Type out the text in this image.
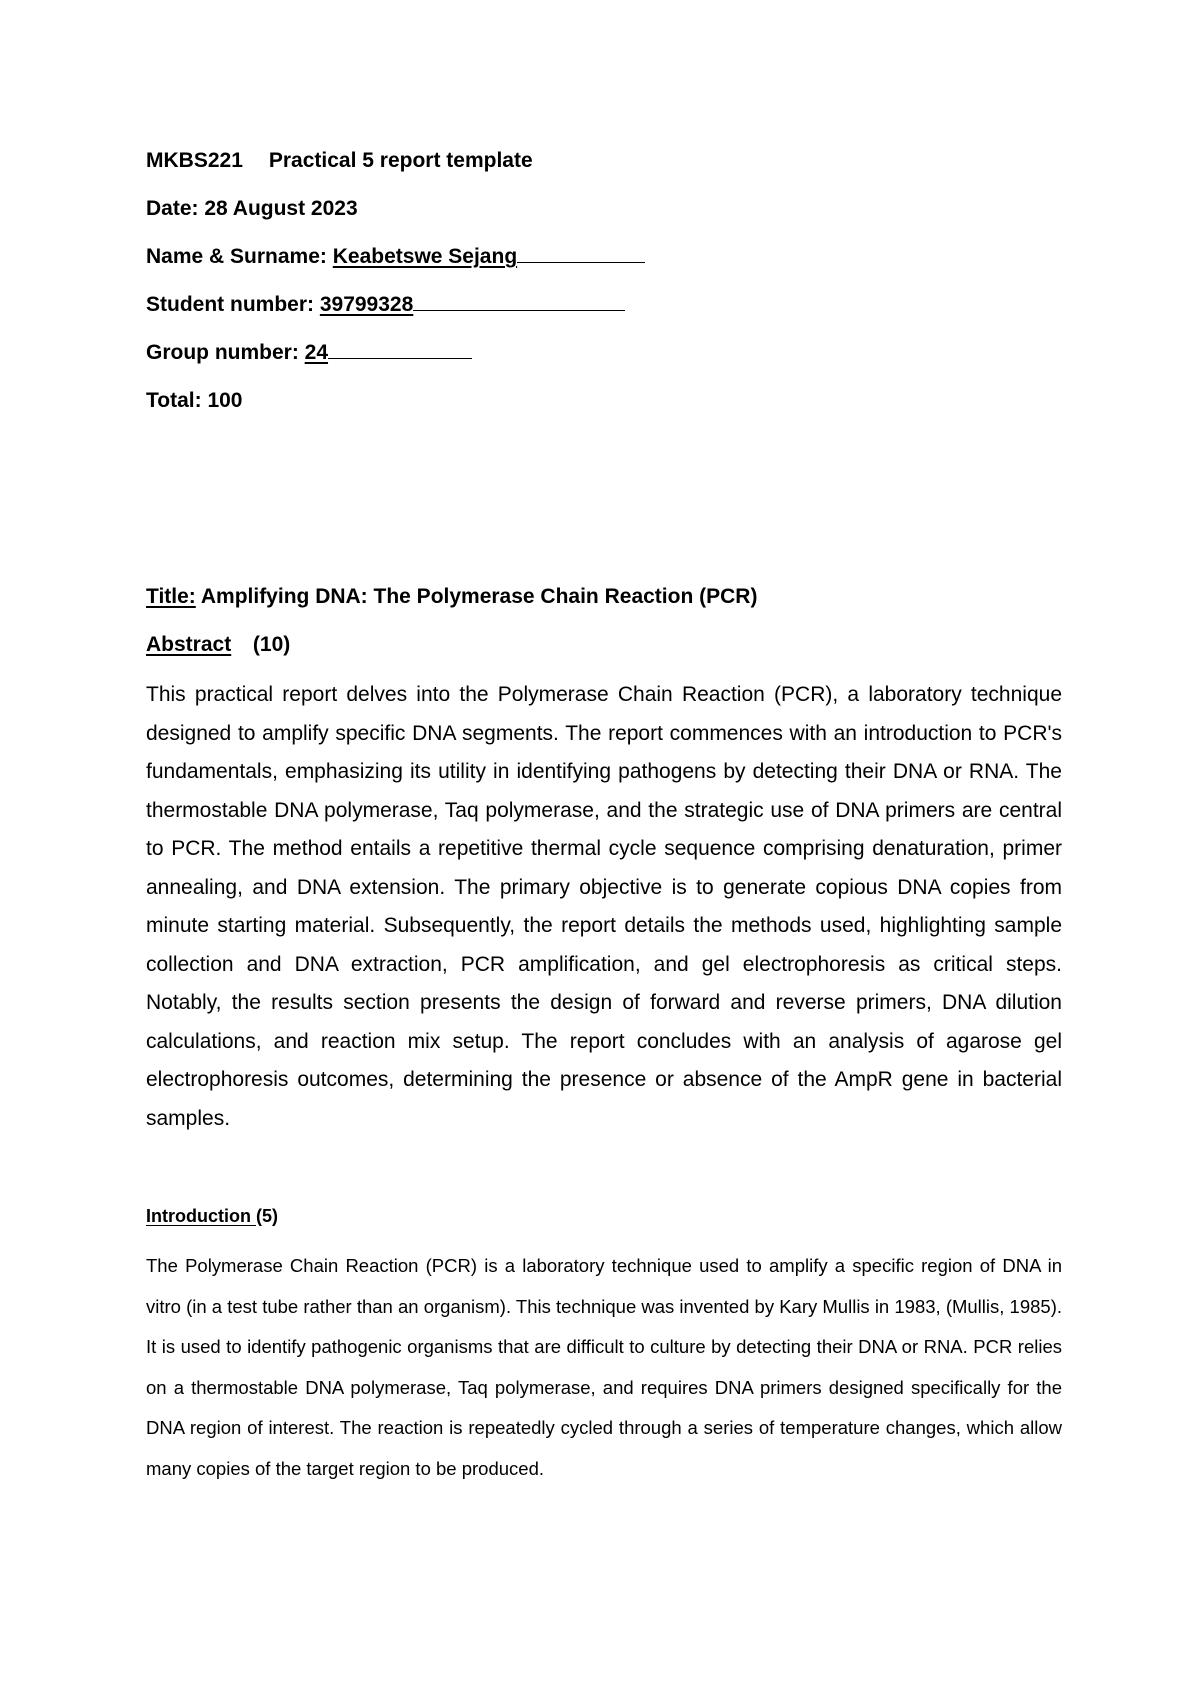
MKBS221 Practical 5 report template
Date: 28 August 2023
Name & Surname: Keabetswe Sejang
Student number: 39799328
Group number: 24
Total: 100
Title: Amplifying DNA: The Polymerase Chain Reaction (PCR)
Abstract (10)

This practical report delves into the Polymerase Chain Reaction (PCR), a laboratory technique designed to amplify specific DNA segments. The report commences with an introduction to PCR's fundamentals, emphasizing its utility in identifying pathogens by detecting their DNA or RNA. The thermostable DNA polymerase, Taq polymerase, and the strategic use of DNA primers are central to PCR. The method entails a repetitive thermal cycle sequence comprising denaturation, primer annealing, and DNA extension. The primary objective is to generate copious DNA copies from minute starting material. Subsequently, the report details the methods used, highlighting sample collection and DNA extraction, PCR amplification, and gel electrophoresis as critical steps. Notably, the results section presents the design of forward and reverse primers, DNA dilution calculations, and reaction mix setup. The report concludes with an analysis of agarose gel electrophoresis outcomes, determining the presence or absence of the AmpR gene in bacterial samples.

Introduction (5)

The Polymerase Chain Reaction (PCR) is a laboratory technique used to amplify a specific region of DNA in vitro (in a test tube rather than an organism). This technique was invented by Kary Mullis in 1983, (Mullis, 1985). It is used to identify pathogenic organisms that are difficult to culture by detecting their DNA or RNA. PCR relies on a thermostable DNA polymerase, Taq polymerase, and requires DNA primers designed specifically for the DNA region of interest. The reaction is repeatedly cycled through a series of temperature changes, which allow many copies of the target region to be produced.
